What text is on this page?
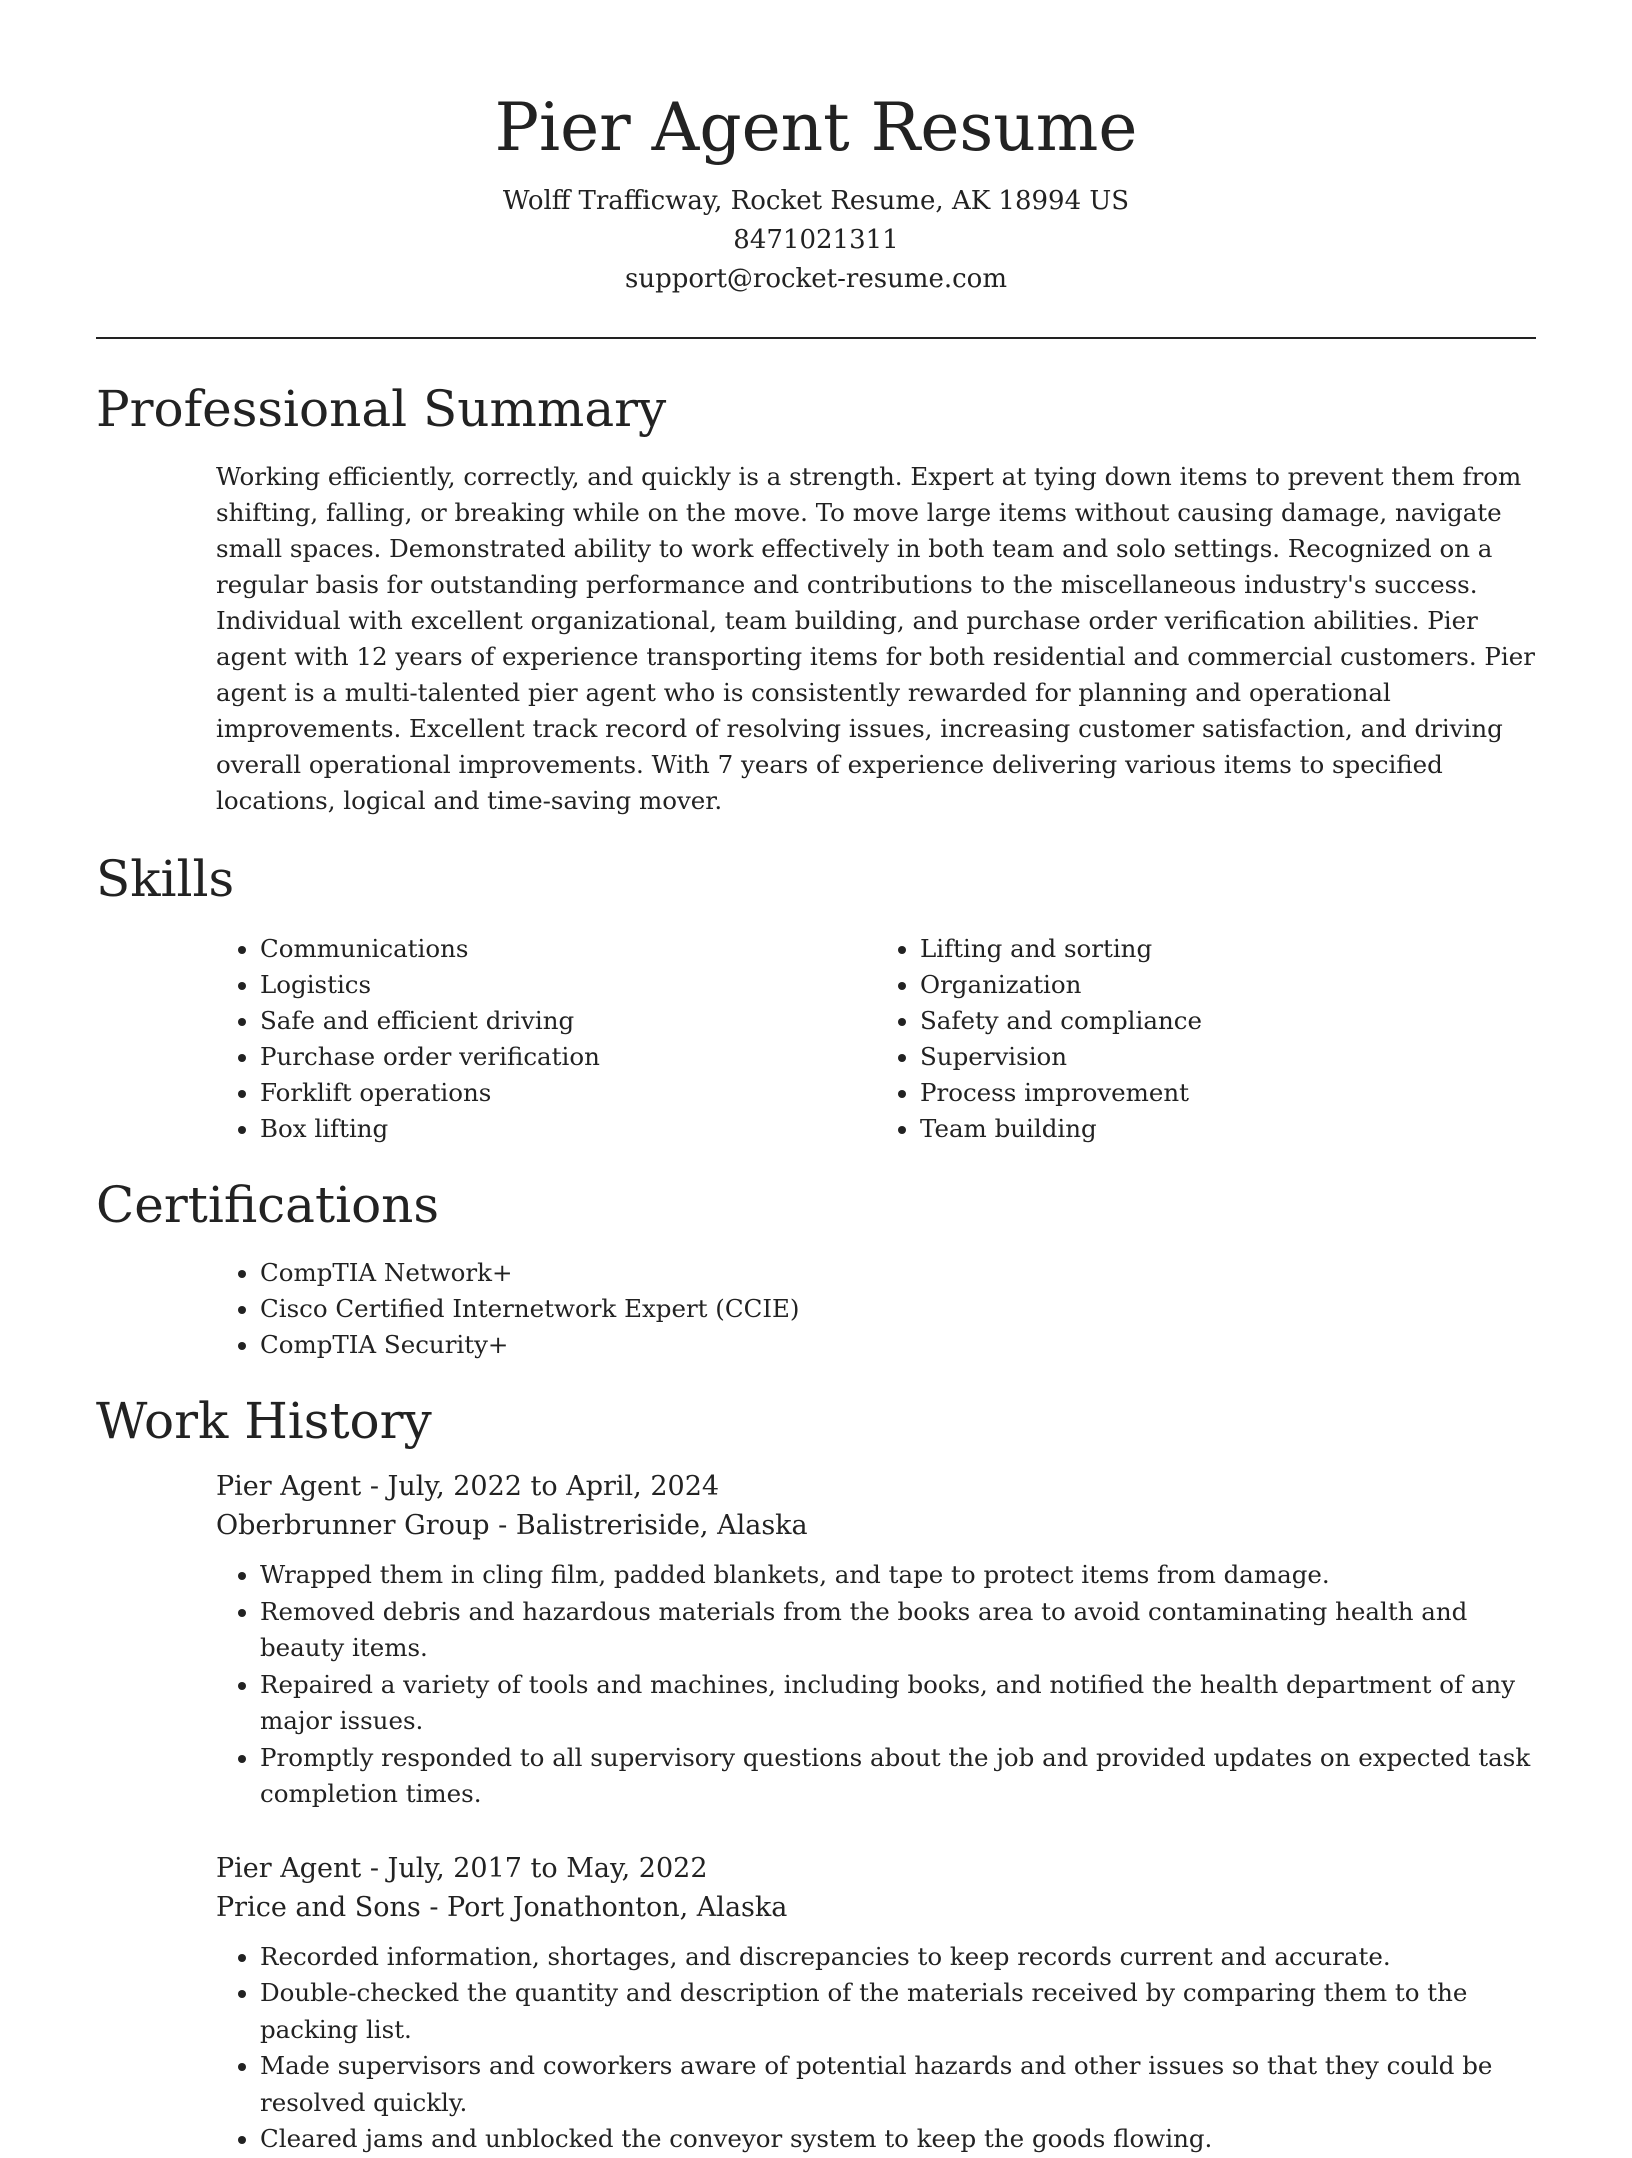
Pier Agent Resume
Wolff Trafficway, Rocket Resume, AK 18994 US
8471021311
support@rocket-resume.com
Professional Summary

Working efficiently, correctly, and quickly is a strength. Expert at tying down items to prevent them from shifting, falling, or breaking while on the move. To move large items without causing damage, navigate small spaces. Demonstrated ability to work effectively in both team and solo settings. Recognized on a regular basis for outstanding performance and contributions to the miscellaneous industry's success. Individual with excellent organizational, team building, and purchase order verification abilities. Pier agent with 12 years of experience transporting items for both residential and commercial customers. Pier agent is a multi-talented pier agent who is consistently rewarded for planning and operational improvements. Excellent track record of resolving issues, increasing customer satisfaction, and driving overall operational improvements. With 7 years of experience delivering various items to specified locations, logical and time-saving mover.

Skills
• Communications
• Logistics
• Safe and efficient driving
• Purchase order verification
• Forklift operations
• Box lifting
• Lifting and sorting
• Organization
• Safety and compliance
• Supervision
• Process improvement
• Team building
Certifications
• CompTIA Network+
• Cisco Certified Internetwork Expert (CCIE)
• CompTIA Security+
Work History
Pier Agent - July, 2022 to April, 2024
Oberbrunner Group - Balistreriside, Alaska
• Wrapped them in cling film, padded blankets, and tape to protect items from damage.
• Removed debris and hazardous materials from the books area to avoid contaminating health and beauty items.
• Repaired a variety of tools and machines, including books, and notified the health department of any major issues.
• Promptly responded to all supervisory questions about the job and provided updates on expected task completion times.
Pier Agent - July, 2017 to May, 2022
Price and Sons - Port Jonathonton, Alaska
• Recorded information, shortages, and discrepancies to keep records current and accurate.
• Double-checked the quantity and description of the materials received by comparing them to the packing list.
• Made supervisors and coworkers aware of potential hazards and other issues so that they could be resolved quickly.
• Cleared jams and unblocked the conveyor system to keep the goods flowing.
